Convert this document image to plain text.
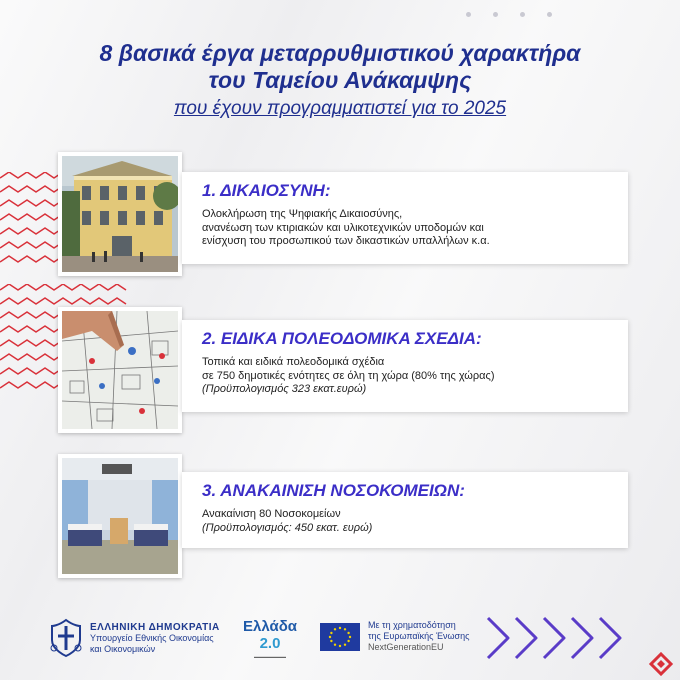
8 βασικά έργα μεταρρυθμιστικού χαρακτήρα
του Ταμείου Ανάκαμψης
που έχουν προγραμματιστεί για το 2025
1. ΔΙΚΑΙΟΣΥΝΗ:
Ολοκλήρωση της Ψηφιακής Δικαιοσύνης,
ανανέωση των κτιριακών και υλικοτεχνικών υποδομών και
ενίσχυση του προσωπικού των δικαστικών υπαλλήλων κ.α.
2. ΕΙΔΙΚΑ ΠΟΛΕΟΔΟΜΙΚΑ ΣΧΕΔΙΑ:
Τοπικά και ειδικά πολεοδομικά σχέδια
σε 750 δημοτικές ενότητες σε όλη τη χώρα (80% της χώρας)
(Προϋπολογισμός 323 εκατ.ευρώ)
3. ΑΝΑΚΑΙΝΙΣΗ ΝΟΣΟΚΟΜΕΙΩΝ:
Ανακαίνιση 80 Νοσοκομείων
(Προϋπολογισμός: 450 εκατ. ευρώ)
ΕΛΛΗΝΙΚΗ ΔΗΜΟΚΡΑΤΙΑ
Υπουργείο Εθνικής Οικονομίας
και Οικονομικών
Ελλάδα 2.0
▬▬▬▬▬▬▬▬
Με τη χρηματοδότηση
της Ευρωπαϊκής Ένωσης
NextGenerationEU
